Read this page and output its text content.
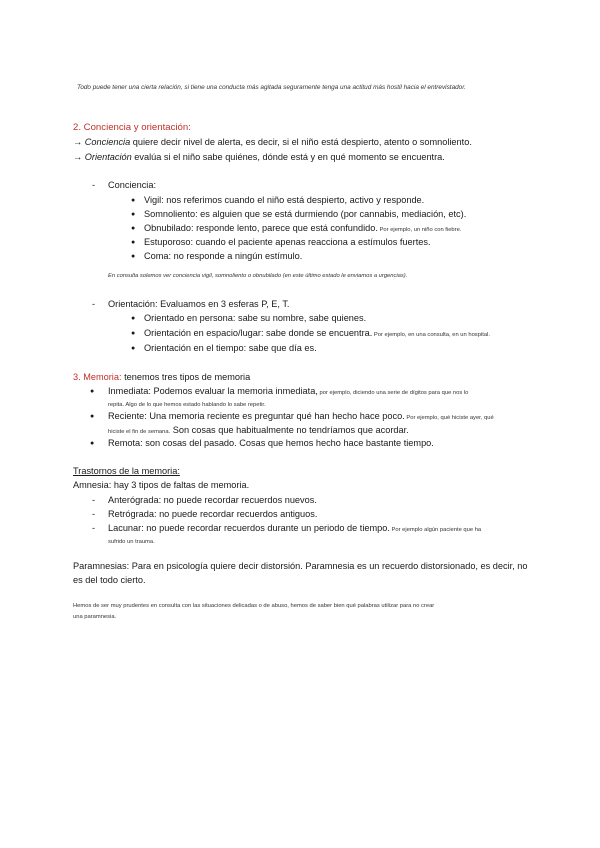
Todo puede tener una cierta relación, si tiene una conducta más agitada seguramente tenga una actitud más hostil hacia el entrevistador.
2. Conciencia y orientación:
→ Conciencia quiere decir nivel de alerta, es decir, si el niño está despierto, atento o somnoliento.
→ Orientación evalúa si el niño sabe quiénes, dónde está y en qué momento se encuentra.
- Conciencia:
● Vigil: nos referimos cuando el niño está despierto, activo y responde.
● Somnoliento: es alguien que se está durmiendo (por cannabis, mediación, etc).
● Obnubilado: responde lento, parece que está confundido. Por ejemplo, un niño con fiebre.
● Estuporoso: cuando el paciente apenas reacciona a estímulos fuertes.
● Coma: no responde a ningún estímulo.
En consulta solemos ver conciencia vigil, somnoliento o obnubilado (en este último estado le enviamos a urgencias).
- Orientación: Evaluamos en 3 esferas P, E, T.
● Orientado en persona: sabe su nombre, sabe quienes.
● Orientación en espacio/lugar: sabe donde se encuentra. Por ejemplo, en una consulta, en un hospital.
● Orientación en el tiempo: sabe que día es.
3. Memoria: tenemos tres tipos de memoria
● Inmediata: Podemos evaluar la memoria inmediata, por ejemplo, diciendo una serie de dígitos para que nos lo
repita. Algo de lo que hemos estado hablando lo sabe repetir.
● Reciente: Una memoria reciente es preguntar qué han hecho hace poco. Por ejemplo, qué hiciste ayer, qué
hiciste el fin de semana. Son cosas que habitualmente no tendríamos que acordar.
● Remota: son cosas del pasado. Cosas que hemos hecho hace bastante tiempo.
Trastornos de la memoria:
Amnesia: hay 3 tipos de faltas de memoria.
- Anterógrada: no puede recordar recuerdos nuevos.
- Retrógrada: no puede recordar recuerdos antiguos.
- Lacunar: no puede recordar recuerdos durante un periodo de tiempo. Por ejemplo algún paciente que ha
sufrido un trauma.
Paramnesias: Para en psicología quiere decir distorsión. Paramnesia es un recuerdo distorsionado, es decir, no
es del todo cierto.
Hemos de ser muy prudentes en consulta con las situaciones delicadas o de abuso, hemos de saber bien qué palabras utilizar para no crear
una paramnesia.
